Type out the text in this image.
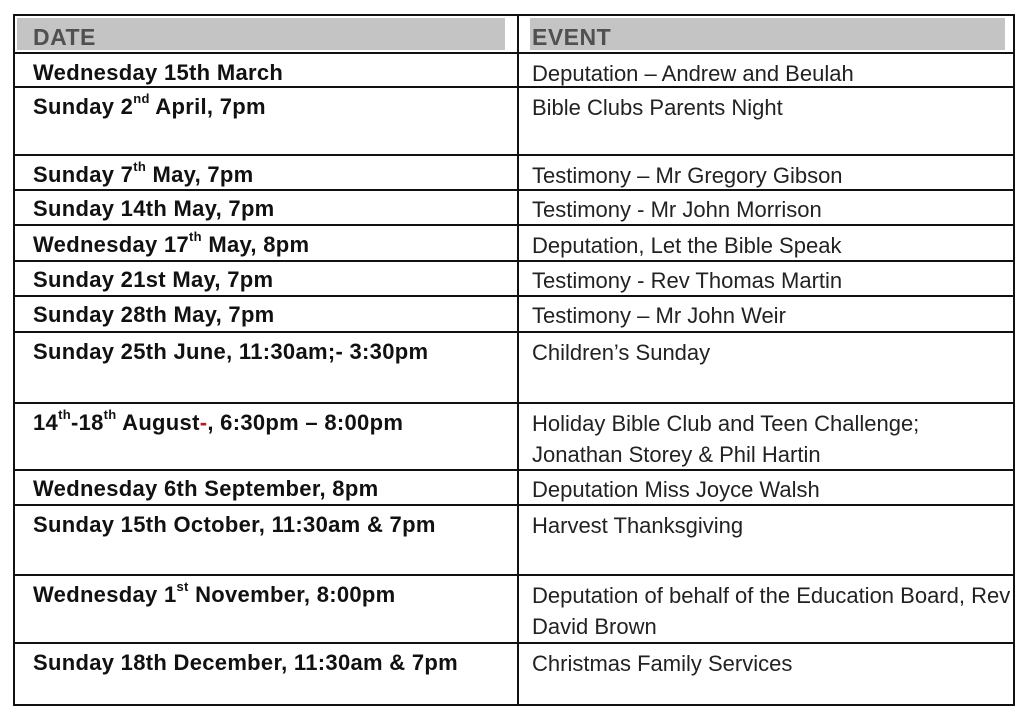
DATE	EVENT
Wednesday 15th March	Deputation – Andrew and Beulah
Sunday 2nd April, 7pm	Bible Clubs Parents Night
Sunday 7th May, 7pm	Testimony – Mr Gregory Gibson
Sunday 14th May, 7pm	Testimony - Mr John Morrison
Wednesday 17th May, 8pm	Deputation, Let the Bible Speak
Sunday 21st May, 7pm	Testimony - Rev Thomas Martin
Sunday 28th May, 7pm	Testimony – Mr John Weir
Sunday 25th June, 11:30am;- 3:30pm	Children’s Sunday
14th-18th August-, 6:30pm – 8:00pm	Holiday Bible Club and Teen Challenge; Jonathan Storey & Phil Hartin
Wednesday 6th September, 8pm	Deputation Miss Joyce Walsh
Sunday 15th October, 11:30am & 7pm	Harvest Thanksgiving
Wednesday 1st November, 8:00pm	Deputation of behalf of the Education Board, Rev David Brown
Sunday 18th December, 11:30am & 7pm	Christmas Family Services
